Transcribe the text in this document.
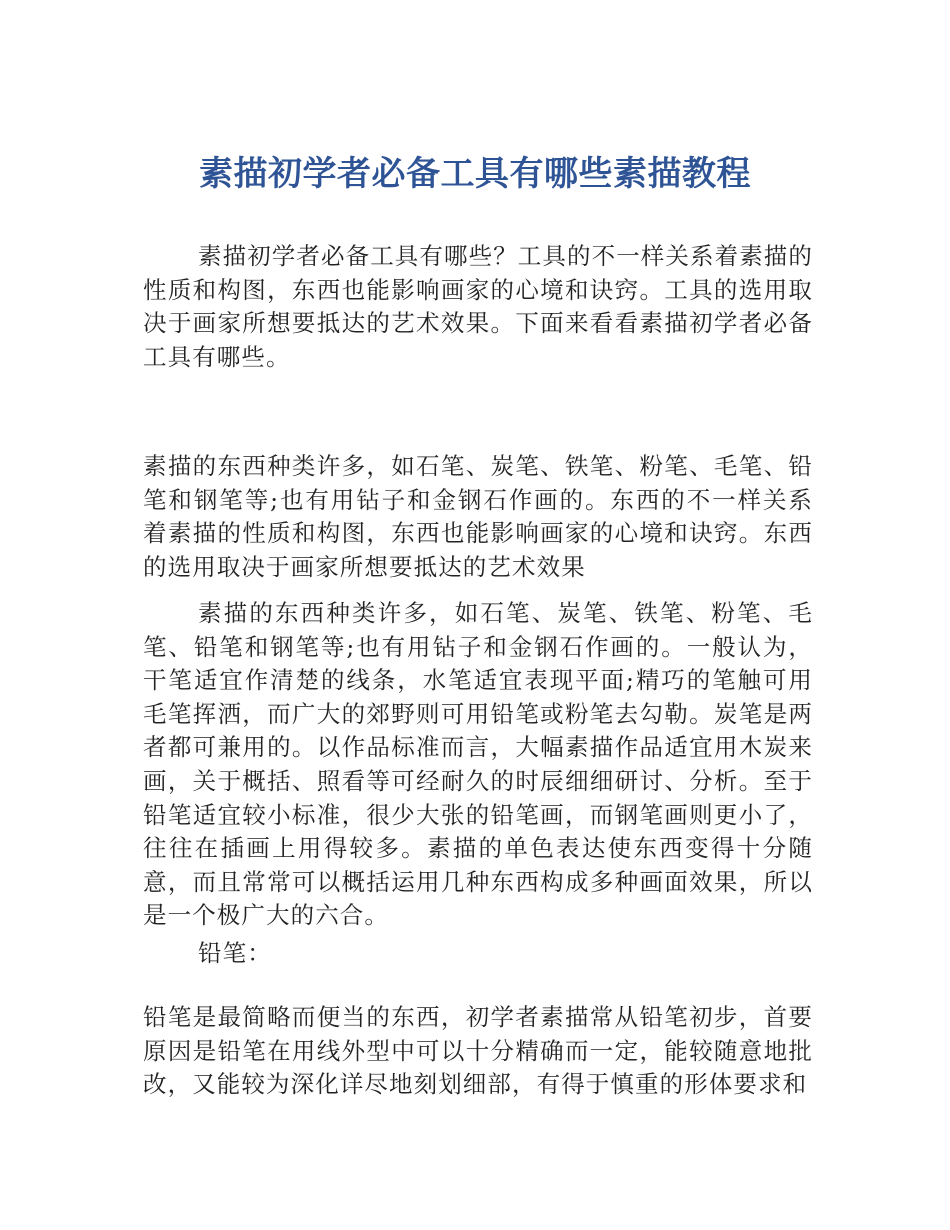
素描初学者必备工具有哪些素描教程

素描初学者必备工具有哪些？工具的不一样关系着素描的性质和构图，东西也能影响画家的心境和诀窍。工具的选用取决于画家所想要抵达的艺术效果。下面来看看素描初学者必备工具有哪些。

素描的东西种类许多，如石笔、炭笔、铁笔、粉笔、毛笔、铅笔和钢笔等;也有用钻子和金钢石作画的。东西的不一样关系着素描的性质和构图，东西也能影响画家的心境和诀窍。东西的选用取决于画家所想要抵达的艺术效果

素描的东西种类许多，如石笔、炭笔、铁笔、粉笔、毛笔、铅笔和钢笔等;也有用钻子和金钢石作画的。一般认为，干笔适宜作清楚的线条，水笔适宜表现平面;精巧的笔触可用毛笔挥洒，而广大的郊野则可用铅笔或粉笔去勾勒。炭笔是两者都可兼用的。以作品标准而言，大幅素描作品适宜用木炭来画，关于概括、照看等可经耐久的时辰细细研讨、分析。至于铅笔适宜较小标准，很少大张的铅笔画，而钢笔画则更小了，往往在插画上用得较多。素描的单色表达使东西变得十分随意，而且常常可以概括运用几种东西构成多种画面效果，所以是一个极广大的六合。

铅笔：

铅笔是最简略而便当的东西，初学者素描常从铅笔初步，首要原因是铅笔在用线外型中可以十分精确而一定，能较随意地批改，又能较为深化详尽地刻划细部，有得于慎重的形体要求和
